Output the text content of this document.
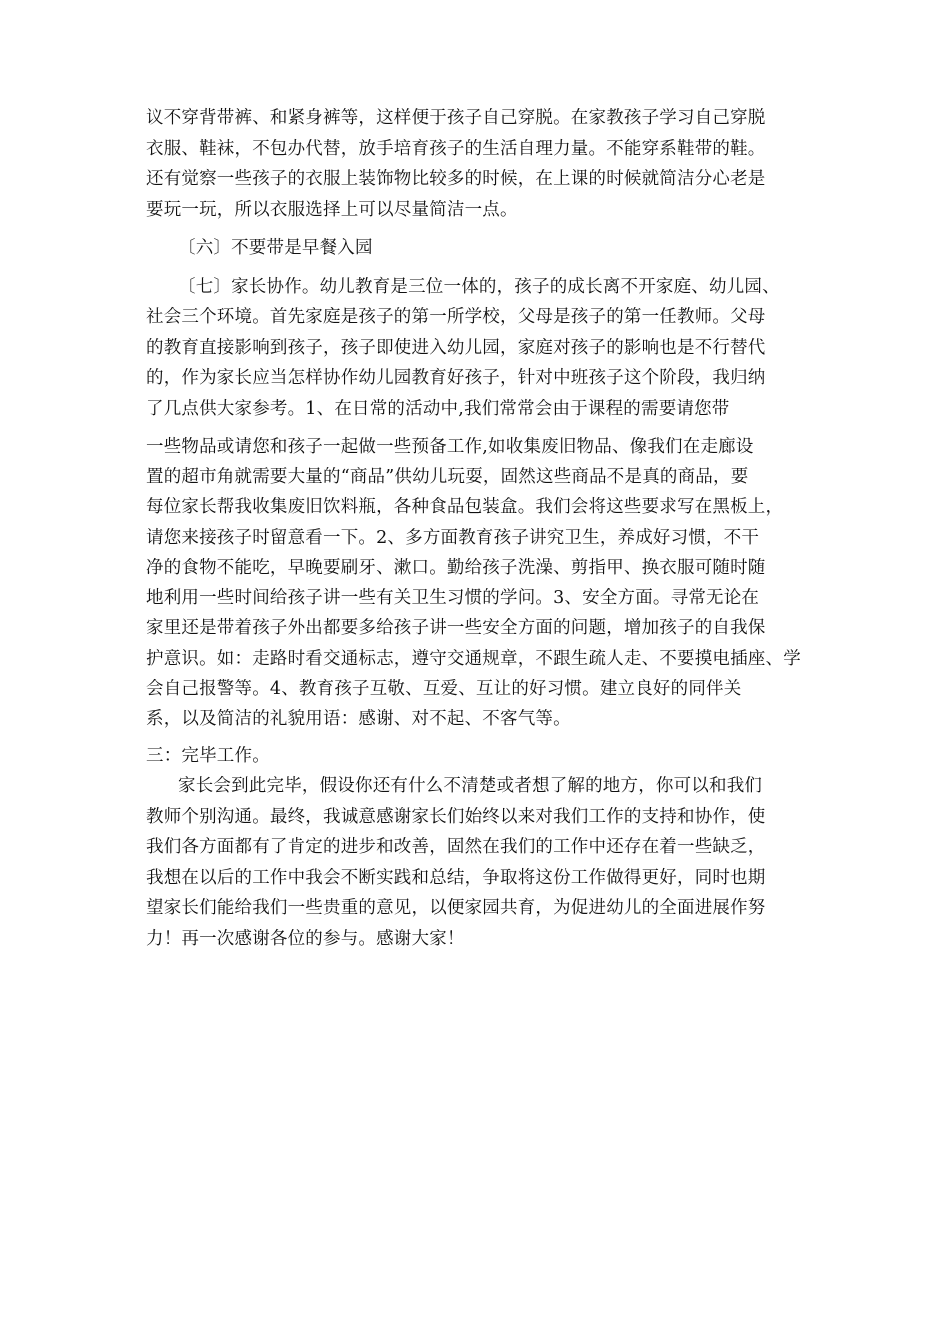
议不穿背带裤、和紧身裤等，这样便于孩子自己穿脱。在家教孩子学习自己穿脱
衣服、鞋袜，不包办代替，放手培育孩子的生活自理力量。不能穿系鞋带的鞋。
还有觉察一些孩子的衣服上装饰物比较多的时候，在上课的时候就简洁分心老是
要玩一玩，所以衣服选择上可以尽量简洁一点。
〔六〕不要带是早餐入园
〔七〕家长协作。幼儿教育是三位一体的，孩子的成长离不开家庭、幼儿园、
社会三个环境。首先家庭是孩子的第一所学校，父母是孩子的第一任教师。父母
的教育直接影响到孩子，孩子即使进入幼儿园，家庭对孩子的影响也是不行替代
的，作为家长应当怎样协作幼儿园教育好孩子，针对中班孩子这个阶段，我归纳
了几点供大家参考。1、在日常的活动中,我们常常会由于课程的需要请您带
一些物品或请您和孩子一起做一些预备工作,如收集废旧物品、像我们在走廊设
置的超市角就需要大量的“商品”供幼儿玩耍，固然这些商品不是真的商品，要
每位家长帮我收集废旧饮料瓶，各种食品包装盒。我们会将这些要求写在黑板上，
请您来接孩子时留意看一下。2、多方面教育孩子讲究卫生，养成好习惯，不干
净的食物不能吃，早晚要刷牙、漱口。勤给孩子洗澡、剪指甲、换衣服可随时随
地利用一些时间给孩子讲一些有关卫生习惯的学问。3、安全方面。寻常无论在
家里还是带着孩子外出都要多给孩子讲一些安全方面的问题，增加孩子的自我保
护意识。如：走路时看交通标志，遵守交通规章，不跟生疏人走、不要摸电插座、学
会自己报警等。4、教育孩子互敬、互爱、互让的好习惯。建立良好的同伴关
系，以及简洁的礼貌用语：感谢、对不起、不客气等。
三：完毕工作。
家长会到此完毕，假设你还有什么不清楚或者想了解的地方，你可以和我们
教师个别沟通。最终，我诚意感谢家长们始终以来对我们工作的支持和协作，使
我们各方面都有了肯定的进步和改善，固然在我们的工作中还存在着一些缺乏，
我想在以后的工作中我会不断实践和总结，争取将这份工作做得更好，同时也期
望家长们能给我们一些贵重的意见，以便家园共育，为促进幼儿的全面进展作努
力！再一次感谢各位的参与。感谢大家！
